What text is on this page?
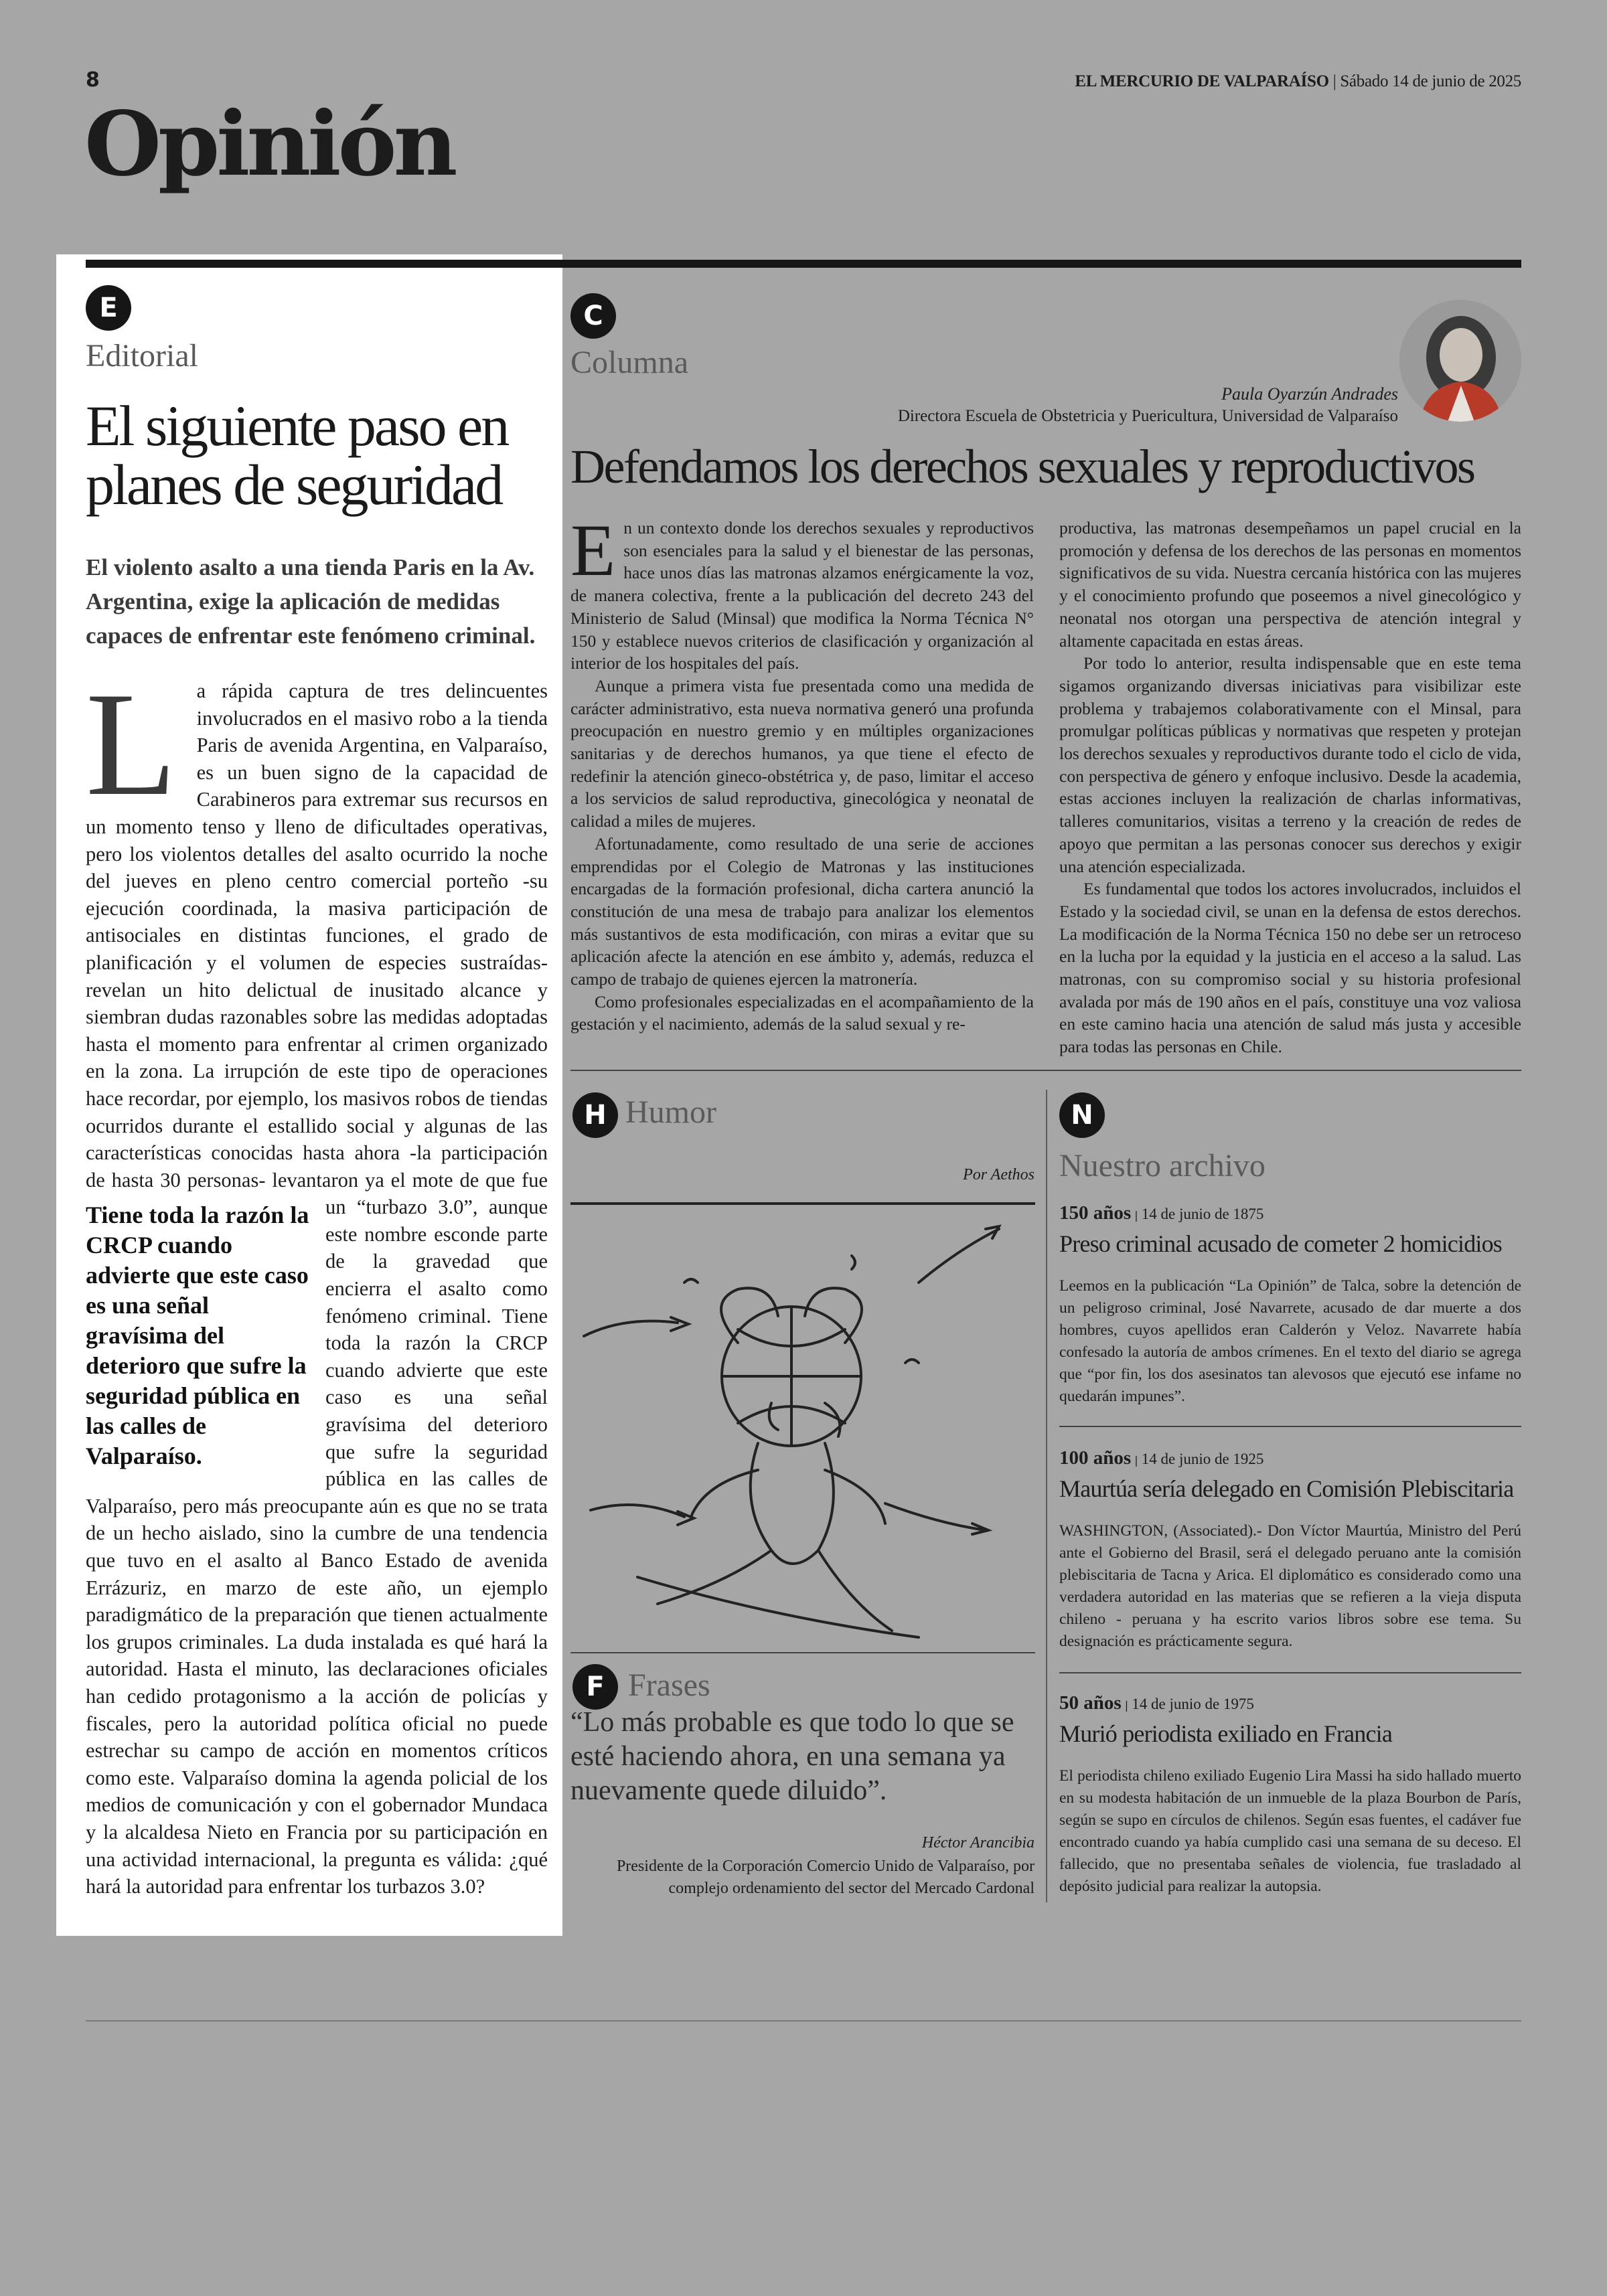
8	EL MERCURIO DE VALPARAÍSO | Sábado 14 de junio de 2025
Opinión
E
Editorial
El siguiente paso en planes de seguridad
El violento asalto a una tienda Paris en la Av. Argentina, exige la aplicación de medidas capaces de enfrentar este fenómeno criminal.
L a rápida captura de tres delincuentes involucrados en el masivo robo a la tienda Paris de avenida Argentina, en Valparaíso, es un buen signo de la capacidad de Carabineros para extremar sus recursos en un momento tenso y lleno de dificultades operativas, pero los violentos detalles del asalto ocurrido la noche del jueves en pleno centro comercial porteño -su ejecución coordinada, la masiva participación de antisociales en distintas funciones, el grado de planificación y el volumen de especies sustraídas- revelan un hito delictual de inusitado alcance y siembran dudas razonables sobre las medidas adoptadas hasta el momento para enfrentar al crimen organizado en la zona. La irrupción de este tipo de operaciones hace recordar, por ejemplo, los masivos robos de tiendas ocurridos durante el estallido social y algunas de las características conocidas hasta ahora -la participación de hasta 30 personas- levantaron ya el mote de
Tiene toda la razón la CRCP cuando advierte que este caso es una señal gravísima del deterioro que sufre la seguridad pública en las calles de Valparaíso.
que fue un “turbazo 3.0”, aunque este nombre esconde parte de la gravedad que encierra el asalto como fenómeno criminal. Tiene toda la razón la CRCP cuando advierte que este caso es una señal gravísima del deterioro que sufre la seguridad pública en las calles de Valparaíso, pero más preocupante aún es que no se trata de un hecho aislado, sino la cumbre de una tendencia que tuvo en el asalto al Banco Estado de avenida Errázuriz, en marzo de este año, un ejemplo paradigmático de la preparación que tienen actualmente los grupos criminales. La duda instalada es qué hará la autoridad. Hasta el minuto, las declaraciones oficiales han cedido protagonismo a la acción de policías y fiscales, pero la autoridad política oficial no puede estrechar su campo de acción en momentos críticos como este. Valparaíso domina la agenda policial de los medios de comunicación y con el gobernador Mundaca y la alcaldesa Nieto en Francia por su participación en una actividad internacional, la pregunta es válida: ¿qué hará la autoridad para enfrentar los turbazos 3.0?
C
Columna
Paula Oyarzún Andrades
Directora Escuela de Obstetricia y Puericultura, Universidad de Valparaíso
Defendamos los derechos sexuales y reproductivos

En un contexto donde los derechos sexuales y reproductivos son esenciales para la salud y el bienestar de las personas, hace unos días las matronas alzamos enérgicamente la voz, de manera colectiva, frente a la publicación del decreto 243 del Ministerio de Salud (Minsal) que modifica la Norma Técnica N° 150 y establece nuevos criterios de clasificación y organización al interior de los hospitales del país.

Aunque a primera vista fue presentada como una medida de carácter administrativo, esta nueva normativa generó una profunda preocupación en nuestro gremio y en múltiples organizaciones sanitarias y de derechos humanos, ya que tiene el efecto de redefinir la atención gineco-obstétrica y, de paso, limitar el acceso a los servicios de salud reproductiva, ginecológica y neonatal de calidad a miles de mujeres.

Afortunadamente, como resultado de una serie de acciones emprendidas por el Colegio de Matronas y las instituciones encargadas de la formación profesional, dicha cartera anunció la constitución de una mesa de trabajo para analizar los elementos más sustantivos de esta modificación, con miras a evitar que su aplicación afecte la atención en ese ámbito y, además, reduzca el campo de trabajo de quienes ejercen la matronería.

Como profesionales especializadas en el acompañamiento de la gestación y el nacimiento, además de la salud sexual y re-

productiva, las matronas desempeñamos un papel crucial en la promoción y defensa de los derechos de las personas en momentos significativos de su vida. Nuestra cercanía histórica con las mujeres y el conocimiento profundo que poseemos a nivel ginecológico y neonatal nos otorgan una perspectiva de atención integral y altamente capacitada en estas áreas.

Por todo lo anterior, resulta indispensable que en este tema sigamos organizando diversas iniciativas para visibilizar este problema y trabajemos colaborativamente con el Minsal, para promulgar políticas públicas y normativas que respeten y protejan los derechos sexuales y reproductivos durante todo el ciclo de vida, con perspectiva de género y enfoque inclusivo. Desde la academia, estas acciones incluyen la realización de charlas informativas, talleres comunitarios, visitas a terreno y la creación de redes de apoyo que permitan a las personas conocer sus derechos y exigir una atención especializada.

Es fundamental que todos los actores involucrados, incluidos el Estado y la sociedad civil, se unan en la defensa de estos derechos. La modificación de la Norma Técnica 150 no debe ser un retroceso en la lucha por la equidad y la justicia en el acceso a la salud. Las matronas, con su compromiso social y su historia profesional avalada por más de 190 años en el país, constituye una voz valiosa en este camino hacia una atención de salud más justa y accesible para todas las personas en Chile.

H Humor
Por Aethos
F Frases
“Lo más probable es que todo lo que se esté haciendo ahora, en una semana ya nuevamente quede diluido”.
Héctor Arancibia
Presidente de la Corporación Comercio Unido de Valparaíso, por complejo ordenamiento del sector del Mercado Cardonal
N
Nuestro archivo
150 años | 14 de junio de 1875
Preso criminal acusado de cometer 2 homicidios
Leemos en la publicación “La Opinión” de Talca, sobre la detención de un peligroso criminal, José Navarrete, acusado de dar muerte a dos hombres, cuyos apellidos eran Calderón y Veloz. Navarrete había confesado la autoría de ambos crímenes. En el texto del diario se agrega que “por fin, los dos asesinatos tan alevosos que ejecutó ese infame no quedarán impunes”.
100 años | 14 de junio de 1925
Maurtúa sería delegado en Comisión Plebiscitaria
WASHINGTON, (Associated).- Don Víctor Maurtúa, Ministro del Perú ante el Gobierno del Brasil, será el delegado peruano ante la comisión plebiscitaria de Tacna y Arica. El diplomático es considerado como una verdadera autoridad en las materias que se refieren a la vieja disputa chileno - peruana y ha escrito varios libros sobre ese tema. Su designación es prácticamente segura.
50 años | 14 de junio de 1975
Murió periodista exiliado en Francia
El periodista chileno exiliado Eugenio Lira Massi ha sido hallado muerto en su modesta habitación de un inmueble de la plaza Bourbon de París, según se supo en círculos de chilenos. Según esas fuentes, el cadáver fue encontrado cuando ya había cumplido casi una semana de su deceso. El fallecido, que no presentaba señales de violencia, fue trasladado al depósito judicial para realizar la autopsia.
